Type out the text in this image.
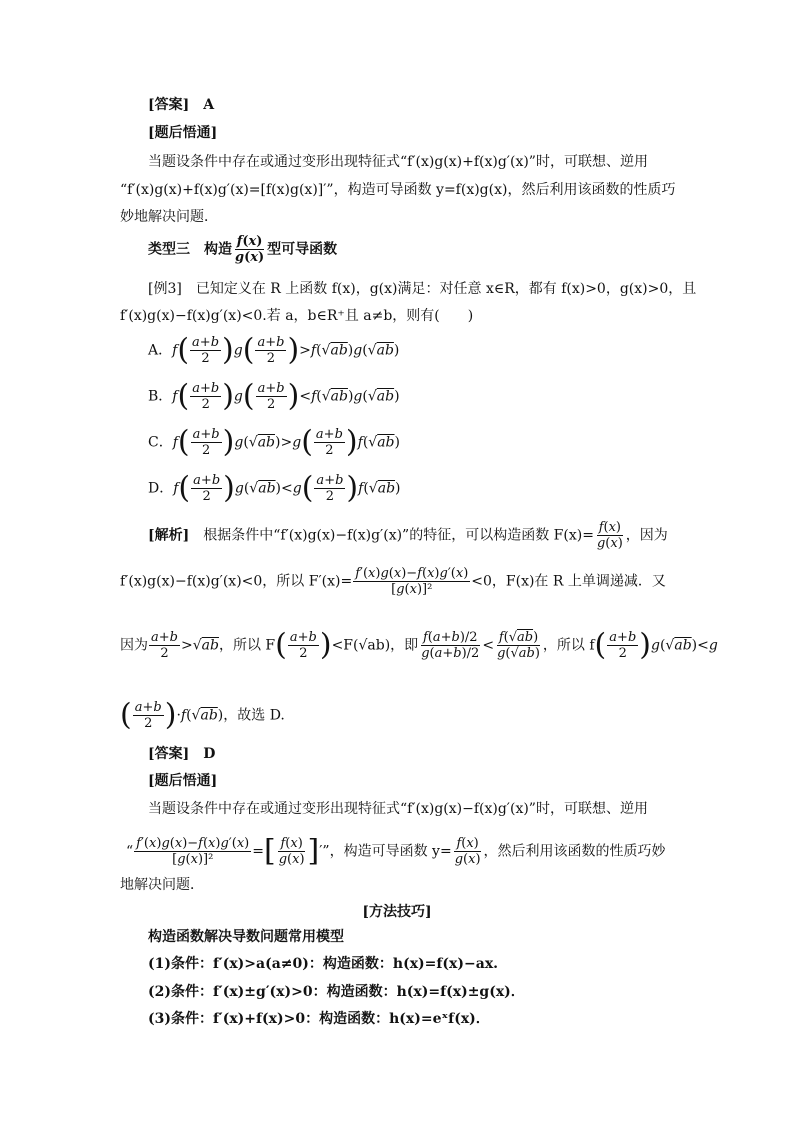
[答案]　A
[题后悟通]
当题设条件中存在或通过变形出现特征式“f′(x)g(x)+f(x)g′(x)”时，可联想、逆用
“f′(x)g(x)+f(x)g′(x)=[f(x)g(x)]′”，构造可导函数 y=f(x)g(x)，然后利用该函数的性质巧
妙地解决问题．
类型三　构造 $\frac{f(x)}{g(x)}$ 型可导函数
[例3]　已知定义在 R 上函数 f(x)，g(x)满足：对任意 x∈R，都有 f(x)>0，g(x)>0，且
f′(x)g(x)−f(x)g′(x)<0.若 a，b∈R⁺且 a≠b，则有(　　)
A．$f( \frac{a+b}{2} )g( \frac{a+b}{2} )>f(√ab)g(√ab)$
B．$f( \frac{a+b}{2} )g( \frac{a+b}{2} )<f(√ab)g(√ab)$
C．$f( \frac{a+b}{2} )g(√ab)>g( \frac{a+b}{2} )f(√ab)$
D．$f( \frac{a+b}{2} )g(√ab)<g( \frac{a+b}{2} )f(√ab)$
[解析]　 根据条件中“f′(x)g(x)−f(x)g′(x)”的特征，可以构造函数 $F(x)= \frac{f(x)}{g(x)}$ ，因为
f′(x)g(x)−f(x)g′(x)<0，所以 $F'(x)= \frac{f'(x)g(x)-f(x)g'(x)}{\text{[g(x)]²}} <0$，F(x)在 R 上单调递减．又
因为 $\frac{a+b}{2} >√ab$，所以 $F( \frac{a+b}{2} )<F(√ab)$，即 $\frac{f(a+b)/2}{g(a+b)/2} < \frac{f(√ab)}{g(√ab)}$ ，所以 $f( \frac{a+b}{2} )g(√ab)<g$
( $\frac{a+b}{2} )\cdot f(√ab)$，故选 D.
[答案]　D
[题后悟通]
当题设条件中存在或通过变形出现特征式“f′(x)g(x)−f(x)g′(x)”时，可联想、逆用
“ $\frac{f'(x)g(x)-f(x)g'(x)}{\text{[g(x)]²}}$ =[ $\frac{f(x)}{g(x)}$ ]′”，构造可导函数 $y= \frac{f(x)}{g(x)}$ ，然后利用该函数的性质巧妙
地解决问题．
[方法技巧]
构造函数解决导数问题常用模型
(1)条件：f′(x)>a(a≠0)：构造函数：h(x)=f(x)−ax.
(2)条件：f′(x)±g′(x)>0：构造函数：h(x)=f(x)±g(x)．
(3)条件：f′(x)+f(x)>0：构造函数：h(x)=eˣf(x)．
